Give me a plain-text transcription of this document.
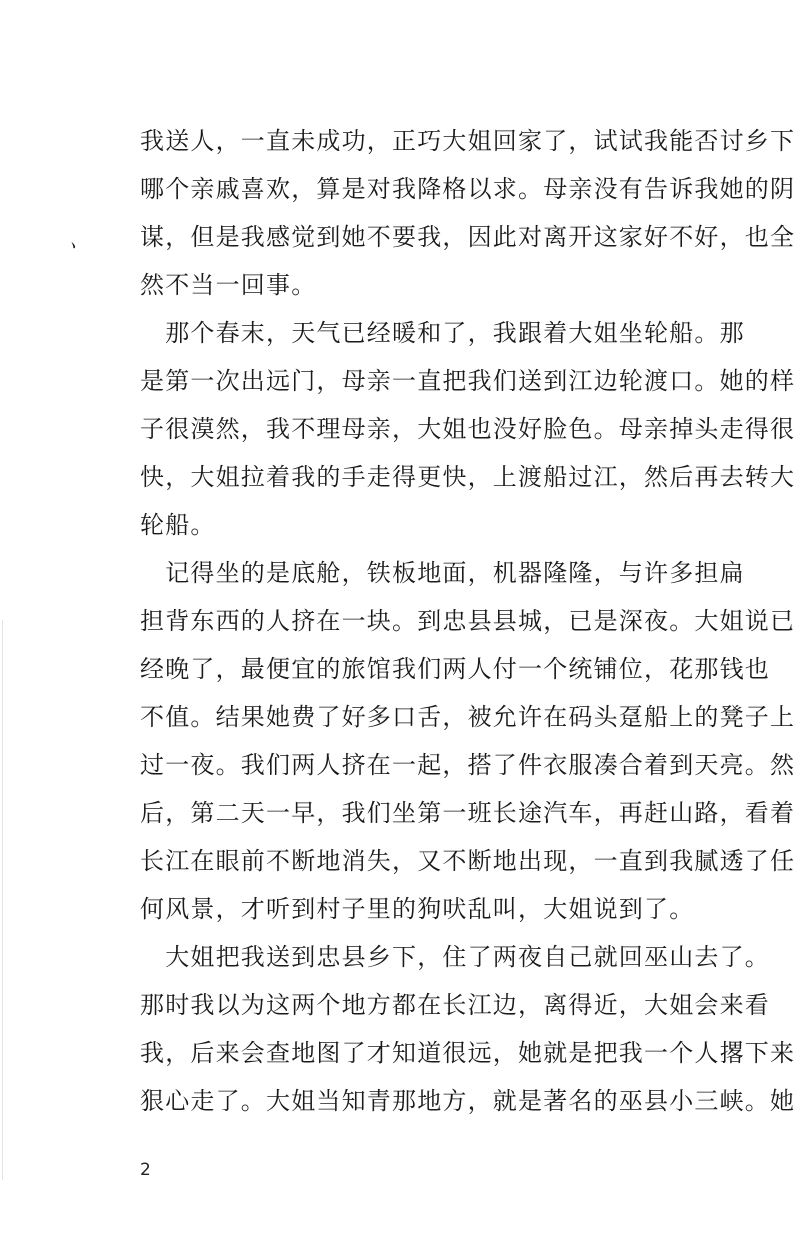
、
我送人，一直未成功，正巧大姐回家了，试试我能否讨乡下
哪个亲戚喜欢，算是对我降格以求。母亲没有告诉我她的阴
谋，但是我感觉到她不要我，因此对离开这家好不好，也全
然不当一回事。
　那个春末，天气已经暖和了，我跟着大姐坐轮船。那
是第一次出远门，母亲一直把我们送到江边轮渡口。她的样
子很漠然，我不理母亲，大姐也没好脸色。母亲掉头走得很
快，大姐拉着我的手走得更快，上渡船过江，然后再去转大
轮船。
　记得坐的是底舱，铁板地面，机器隆隆，与许多担扁
担背东西的人挤在一块。到忠县县城，已是深夜。大姐说已
经晚了，最便宜的旅馆我们两人付一个统铺位，花那钱也
不值。结果她费了好多口舌，被允许在码头趸船上的凳子上
过一夜。我们两人挤在一起，搭了件衣服凑合着到天亮。然
后，第二天一早，我们坐第一班长途汽车，再赶山路，看着
长江在眼前不断地消失，又不断地出现，一直到我腻透了任
何风景，才听到村子里的狗吠乱叫，大姐说到了。
　大姐把我送到忠县乡下，住了两夜自己就回巫山去了。
那时我以为这两个地方都在长江边，离得近，大姐会来看
我，后来会查地图了才知道很远，她就是把我一个人撂下来
狠心走了。大姐当知青那地方，就是著名的巫县小三峡。她
2
